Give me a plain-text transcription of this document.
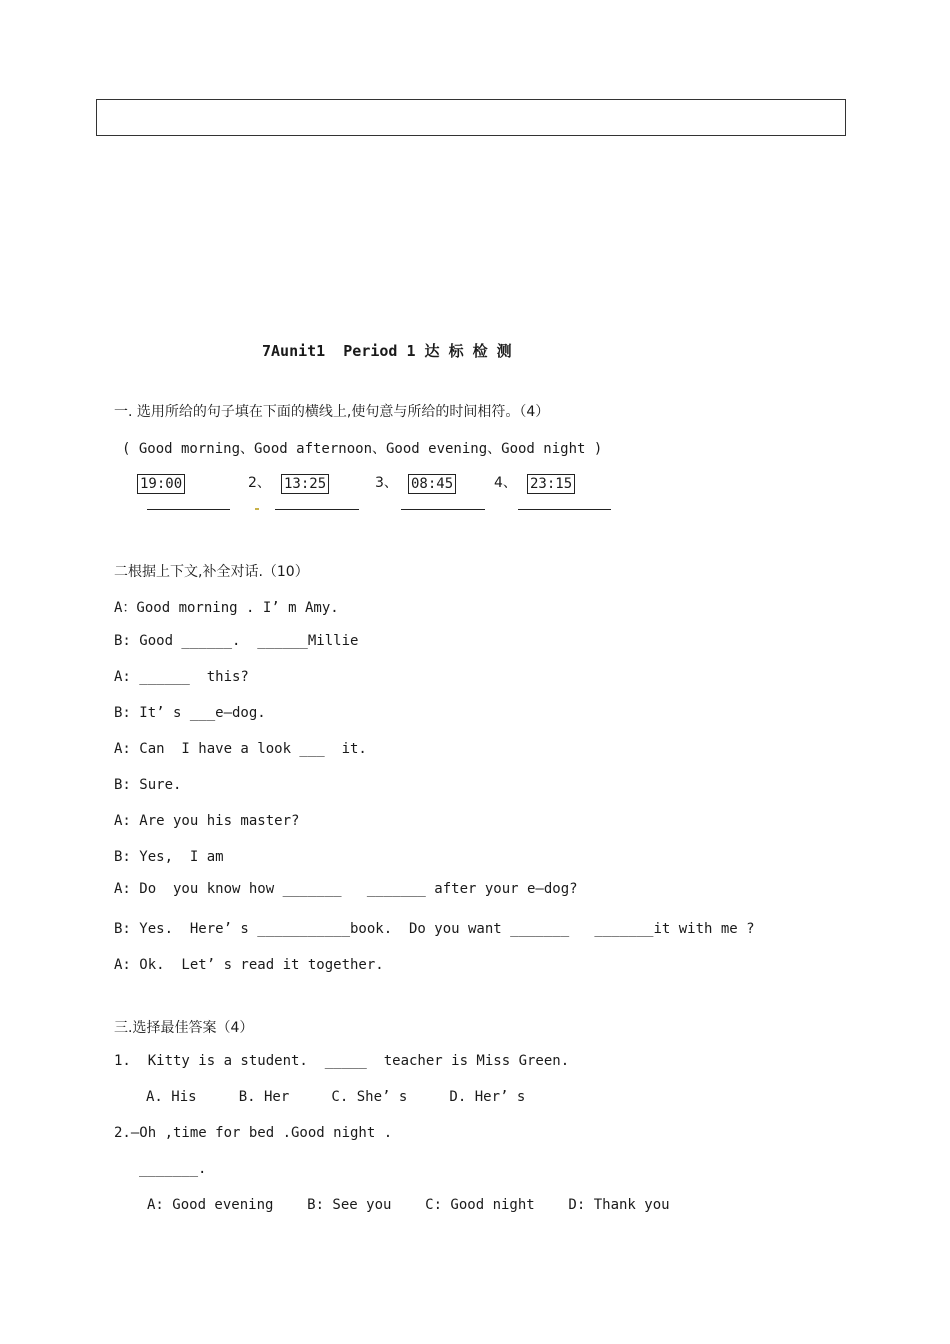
7Aunit1  Period 1 达 标 检 测
一. 选用所给的句子填在下面的横线上,使句意与所给的时间相符。（4）
( Good morning、Good afternoon、Good evening、Good night )
19:00	2、 13:25	3、 08:45	4、 23:15
二根据上下文,补全对话.（10）
A：Good morning . I’ m Amy.
B: Good ______.  ______Millie
A: ______  this?
B: It’ s ___e—dog.
A: Can  I have a look ___  it.
B: Sure.
A: Are you his master?
B: Yes,  I am
A: Do  you know how _______   _______ after your e—dog?
B: Yes.  Here’ s ___________book.  Do you want _______   _______it with me ?
A: Ok.  Let’ s read it together.
三.选择最佳答案（4）
1.  Kitty is a student.  _____  teacher is Miss Green.
A. His     B. Her     C. She’ s     D. Her’ s
2.—Oh ,time for bed .Good night .
_______.
A: Good evening    B: See you    C: Good night    D: Thank you
